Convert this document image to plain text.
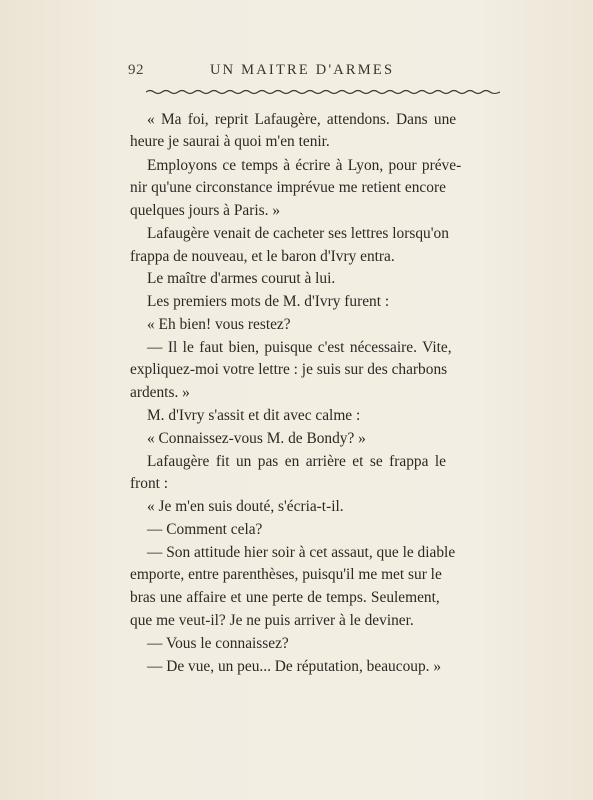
92	UN MAITRE D'ARMES
« Ma foi, reprit Lafaugère, attendons. Dans une
heure je saurai à quoi m'en tenir.
Employons ce temps à écrire à Lyon, pour préve-
nir qu'une circonstance imprévue me retient encore
quelques jours à Paris. »
Lafaugère venait de cacheter ses lettres lorsqu'on
frappa de nouveau, et le baron d'Ivry entra.
Le maître d'armes courut à lui.
Les premiers mots de M. d'Ivry furent :
« Eh bien! vous restez?
— Il le faut bien, puisque c'est nécessaire. Vite,
expliquez-moi votre lettre : je suis sur des charbons
ardents. »
M. d'Ivry s'assit et dit avec calme :
« Connaissez-vous M. de Bondy? »
Lafaugère fit un pas en arrière et se frappa le
front :
« Je m'en suis douté, s'écria-t-il.
— Comment cela?
— Son attitude hier soir à cet assaut, que le diable
emporte, entre parenthèses, puisqu'il me met sur le
bras une affaire et une perte de temps. Seulement,
que me veut-il? Je ne puis arriver à le deviner.
— Vous le connaissez?
— De vue, un peu... De réputation, beaucoup. »
